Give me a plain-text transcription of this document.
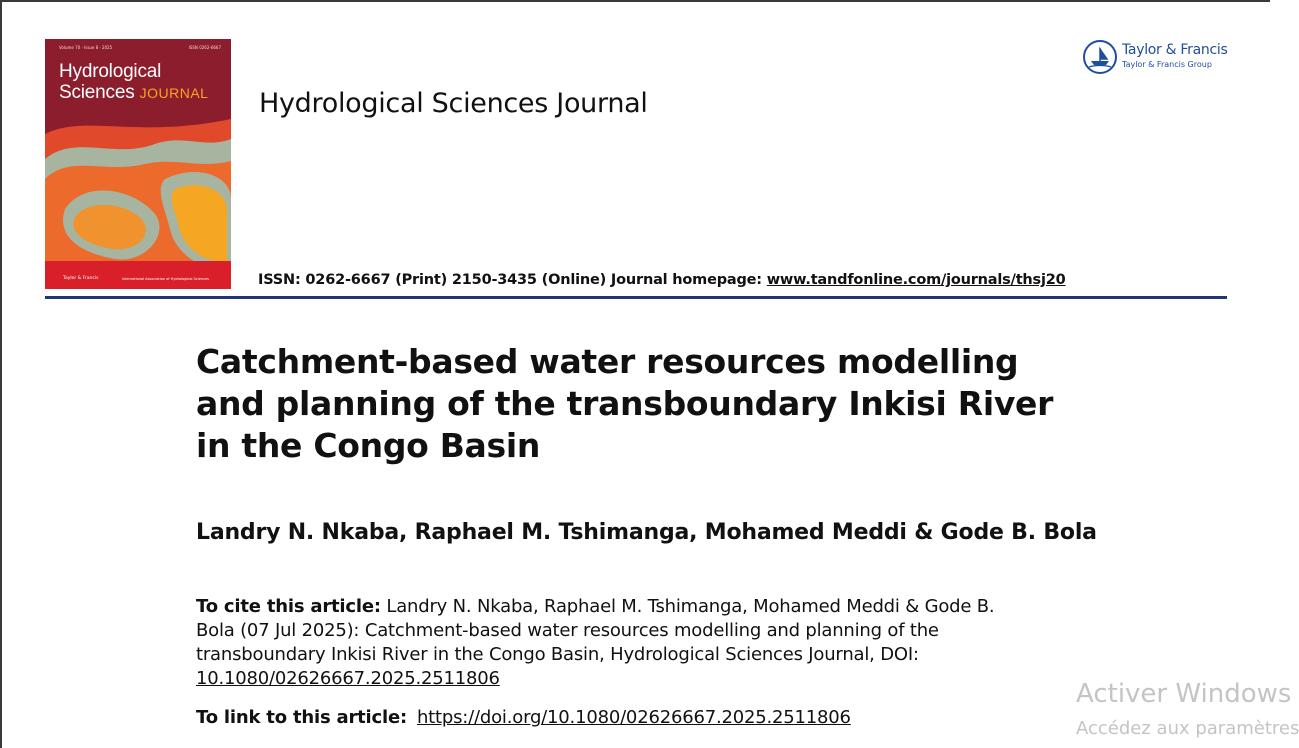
Volume 70 · Issue 8 · 2025	ISSN 0262-6667
Hydrological
Sciences JOURNAL
Taylor & Francis	International Association of Hydrological Sciences
Hydrological Sciences Journal
ISSN: 0262-6667 (Print) 2150-3435 (Online) Journal homepage: www.tandfonline.com/journals/thsj20
Taylor & Francis
Taylor & Francis Group
Catchment-based water resources modelling and planning of the transboundary Inkisi River in the Congo Basin
Landry N. Nkaba, Raphael M. Tshimanga, Mohamed Meddi & Gode B. Bola
To cite this article: Landry N. Nkaba, Raphael M. Tshimanga, Mohamed Meddi & Gode B. Bola (07 Jul 2025): Catchment-based water resources modelling and planning of the transboundary Inkisi River in the Congo Basin, Hydrological Sciences Journal, DOI: 10.1080/02626667.2025.2511806
To link to this article: https://doi.org/10.1080/02626667.2025.2511806
Activer Windows
Accédez aux paramètres
